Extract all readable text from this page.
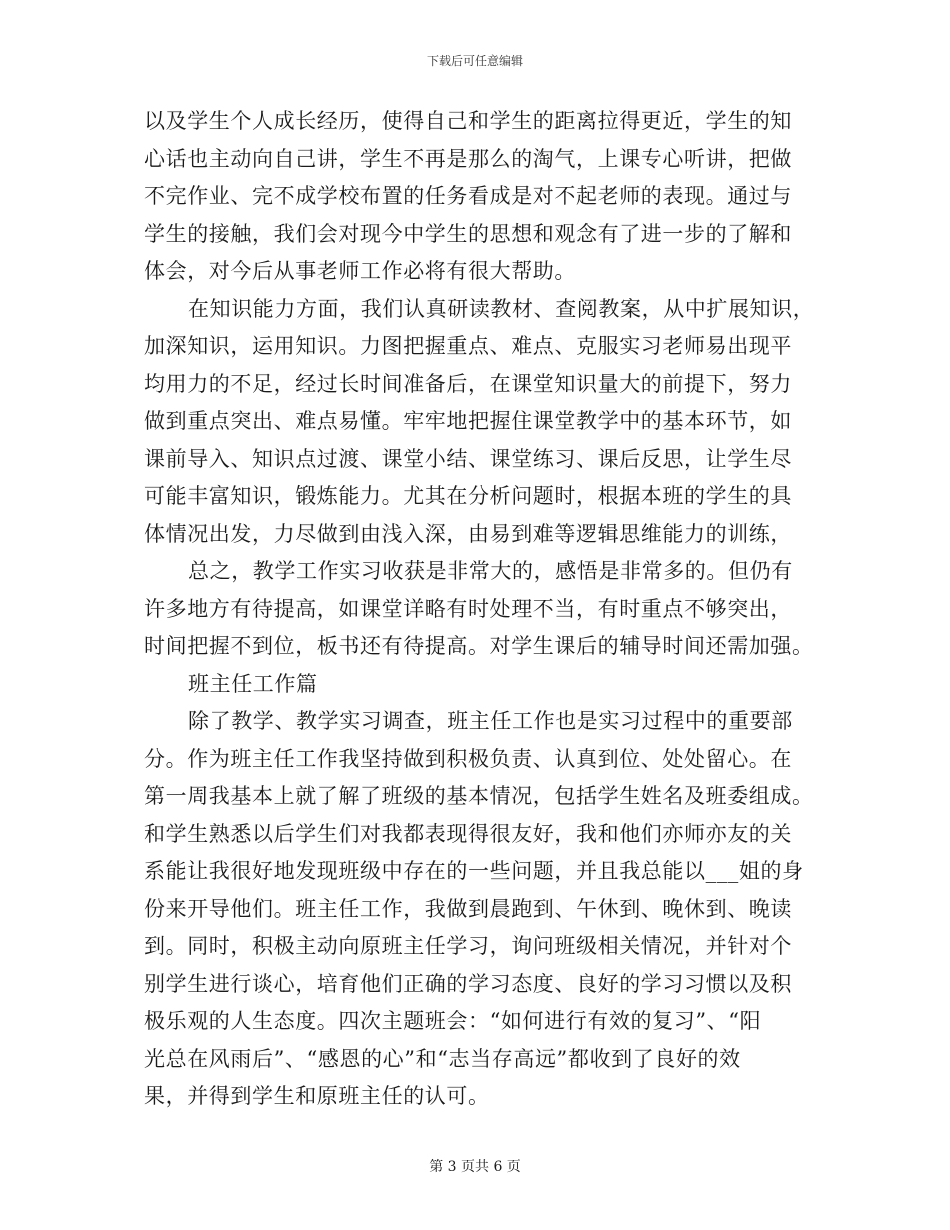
下载后可任意编辑
以及学生个人成长经历，使得自己和学生的距离拉得更近，学生的知
心话也主动向自己讲，学生不再是那么的淘气，上课专心听讲，把做
不完作业、完不成学校布置的任务看成是对不起老师的表现。通过与
学生的接触，我们会对现今中学生的思想和观念有了进一步的了解和
体会，对今后从事老师工作必将有很大帮助。
在知识能力方面，我们认真研读教材、查阅教案，从中扩展知识，
加深知识，运用知识。力图把握重点、难点、克服实习老师易出现平
均用力的不足，经过长时间准备后，在课堂知识量大的前提下，努力
做到重点突出、难点易懂。牢牢地把握住课堂教学中的基本环节，如
课前导入、知识点过渡、课堂小结、课堂练习、课后反思，让学生尽
可能丰富知识，锻炼能力。尤其在分析问题时，根据本班的学生的具
体情况出发，力尽做到由浅入深，由易到难等逻辑思维能力的训练，
总之，教学工作实习收获是非常大的，感悟是非常多的。但仍有
许多地方有待提高，如课堂详略有时处理不当，有时重点不够突出，
时间把握不到位，板书还有待提高。对学生课后的辅导时间还需加强。
班主任工作篇
除了教学、教学实习调查，班主任工作也是实习过程中的重要部
分。作为班主任工作我坚持做到积极负责、认真到位、处处留心。在
第一周我基本上就了解了班级的基本情况，包括学生姓名及班委组成。
和学生熟悉以后学生们对我都表现得很友好，我和他们亦师亦友的关
系能让我很好地发现班级中存在的一些问题，并且我总能以___姐的身
份来开导他们。班主任工作，我做到晨跑到、午休到、晚休到、晚读
到。同时，积极主动向原班主任学习，询问班级相关情况，并针对个
别学生进行谈心，培育他们正确的学习态度、良好的学习习惯以及积
极乐观的人生态度。四次主题班会：“如何进行有效的复习”、“阳
光总在风雨后”、“感恩的心”和“志当存高远”都收到了良好的效
果，并得到学生和原班主任的认可。
第 3 页共 6 页
